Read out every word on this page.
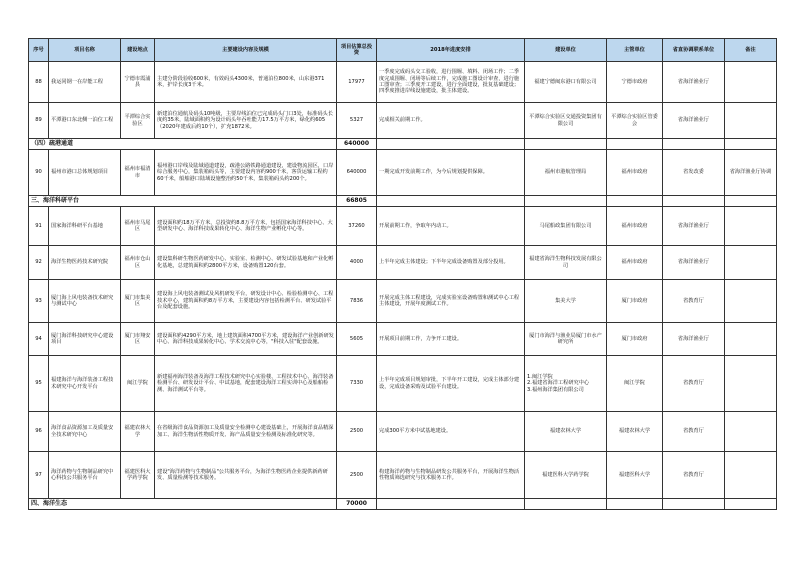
序号	项目名称	建设地点	主要建设内容及规模	项目估算总投资	2018年进度安排	建设单位	主管单位	省直协调联系单位	备注
88	我运同钢一在岸能工程	宁德市霞浦县	主建分阶段验收600米，有效码头4300米，普通泊位800米，山东港371米，护岸长度3千米。	17977	一季度完成码头交工验收，进行围堰、填料、闭场工作；二季度完成围堰、闭场等后续工作，完成施工图设计审查，进行施工图审查；三季度开工建设，进行全面建设，批复基础建设；四季度推进岸线设施建设，批主体建设。	福建宁德闽东港口有限公司	宁德市政府	省海洋渔业厅	
89	平潭港口东北侧一泊位工程	平潭综合实验区	新建泊位通航及码头10吨级，主要岸线泊位已完成码头门口3处，标准码头长度约35米，陆域面积约为设计码头年吞吐能力17.5万平方米，绿化约605（2020年建成后约10个），扩充1872米。	5327	完成相关前期工作。	平潭综合实验区交通投资集团有限公司	平潭综合实验区管委会	省海洋渔业厅	
（四）疏港通道				640000					
90	福州市港口总体规划项目	福州市福清市	福州港口岸线及陆域通道建设，疏港公路铁路通道建设，建设物流园区，口岸综合服务中心，集装箱码头等，主要建设内容约900千米，客货运输工程约60千米，船舶港口陆域设施整治约50千米，集装箱码头约200个。	640000	一期完成开发前期工作，为今后规划提供保障。	福州市港航管理局	福州市政府	省发改委	省海洋渔业厅协调
三、海洋科研平台				66805					
91	国家海洋科研平台基地	福州市马尾区	建设面积约18万平方米，总投资约8.8万平方米，包括国家海洋科技中心、大型研发中心、海洋科技成果转化中心、海洋生物产业孵化中心等。	37260	开展前期工作，争取年内动工。	马尾船政集团有限公司	福州市政府	省海洋渔业厅	
92	海洋生物医药技术研究院	福州市仓山区	建设集科研生物医药研发中心、实验室、检测中心、研发试验基地和产业化孵化基地，总建筑面积约2800平方米，设备购置120台套。	4000	上半年完成主体建设；下半年完成设备购置及部分投用。	福建省海洋生物科技发展有限公司	福州市政府	省海洋渔业厅	
93	厦门海上风电装备技术研究与测试中心	厦门市集美区	建设海上风电装备测试及风机研发平台，研发设计中心、检验检测中心、工程技术中心，建筑面积约8万平方米，主要建设内容包括检测平台、研发试验平台及配套设施。	7836	开展完成主体工程建设，完成实验室设备购置和测试中心工程主体建设，开展年度测试工作。	集美大学	厦门市政府	省教育厅	
94	厦门海洋科技研究中心建设项目	厦门市翔安区	建设面积约4290平方米，地上建筑面积4700平方米，建设海洋产业创新研发中心、海洋科技成果转化中心、学术交流中心等，"科技入驻"配套设施。	5605	开展项目前期工作，力争开工建设。	厦门市海洋与渔业局厦门市水产研究所	厦门市政府	省海洋渔业厅	
95	福建海洋与海洋装备工程技术研究中心开发平台	闽江学院	新建福州海洋装备及海洋工程技术研究中心实验楼、工程技术中心、海洋装备检测平台、研发设计平台、中试基地，配套建设海洋工程实训中心及船舶检测、海洋测试平台等。	7330	上半年完成项目规划审批，下半年开工建设，完成主体部分建设，完成设备采购及试验平台建设。	1.闽江学院
2.福建省海洋工程研究中心
3.福州海洋集团有限公司	闽江学院	省教育厅	
96	海洋食品资源加工及质量安全技术研究中心	福建农林大学	在省级海洋食品资源加工及质量安全检测中心建设基础上，开展海洋食品精深加工、海洋生物活性物质开发、海产品质量安全检测及标准化研究等。	2500	完成300平方米中试基地建设。	福建农林大学	福建农林大学	省教育厅	
97	海洋药物与生物制品研究中心科技公共服务平台	福建医科大学药学院	建设"海洋药物与生物制品"公共服务平台，为海洋生物医药企业提供新药研发、质量检测等技术服务。	2500	构建海洋药物与生物制品研发公共服务平台，开展海洋生物活性物质筛选研究与技术服务工作。	福建医科大学药学院	福建医科大学	省教育厅	
四、海洋生态				70000					
